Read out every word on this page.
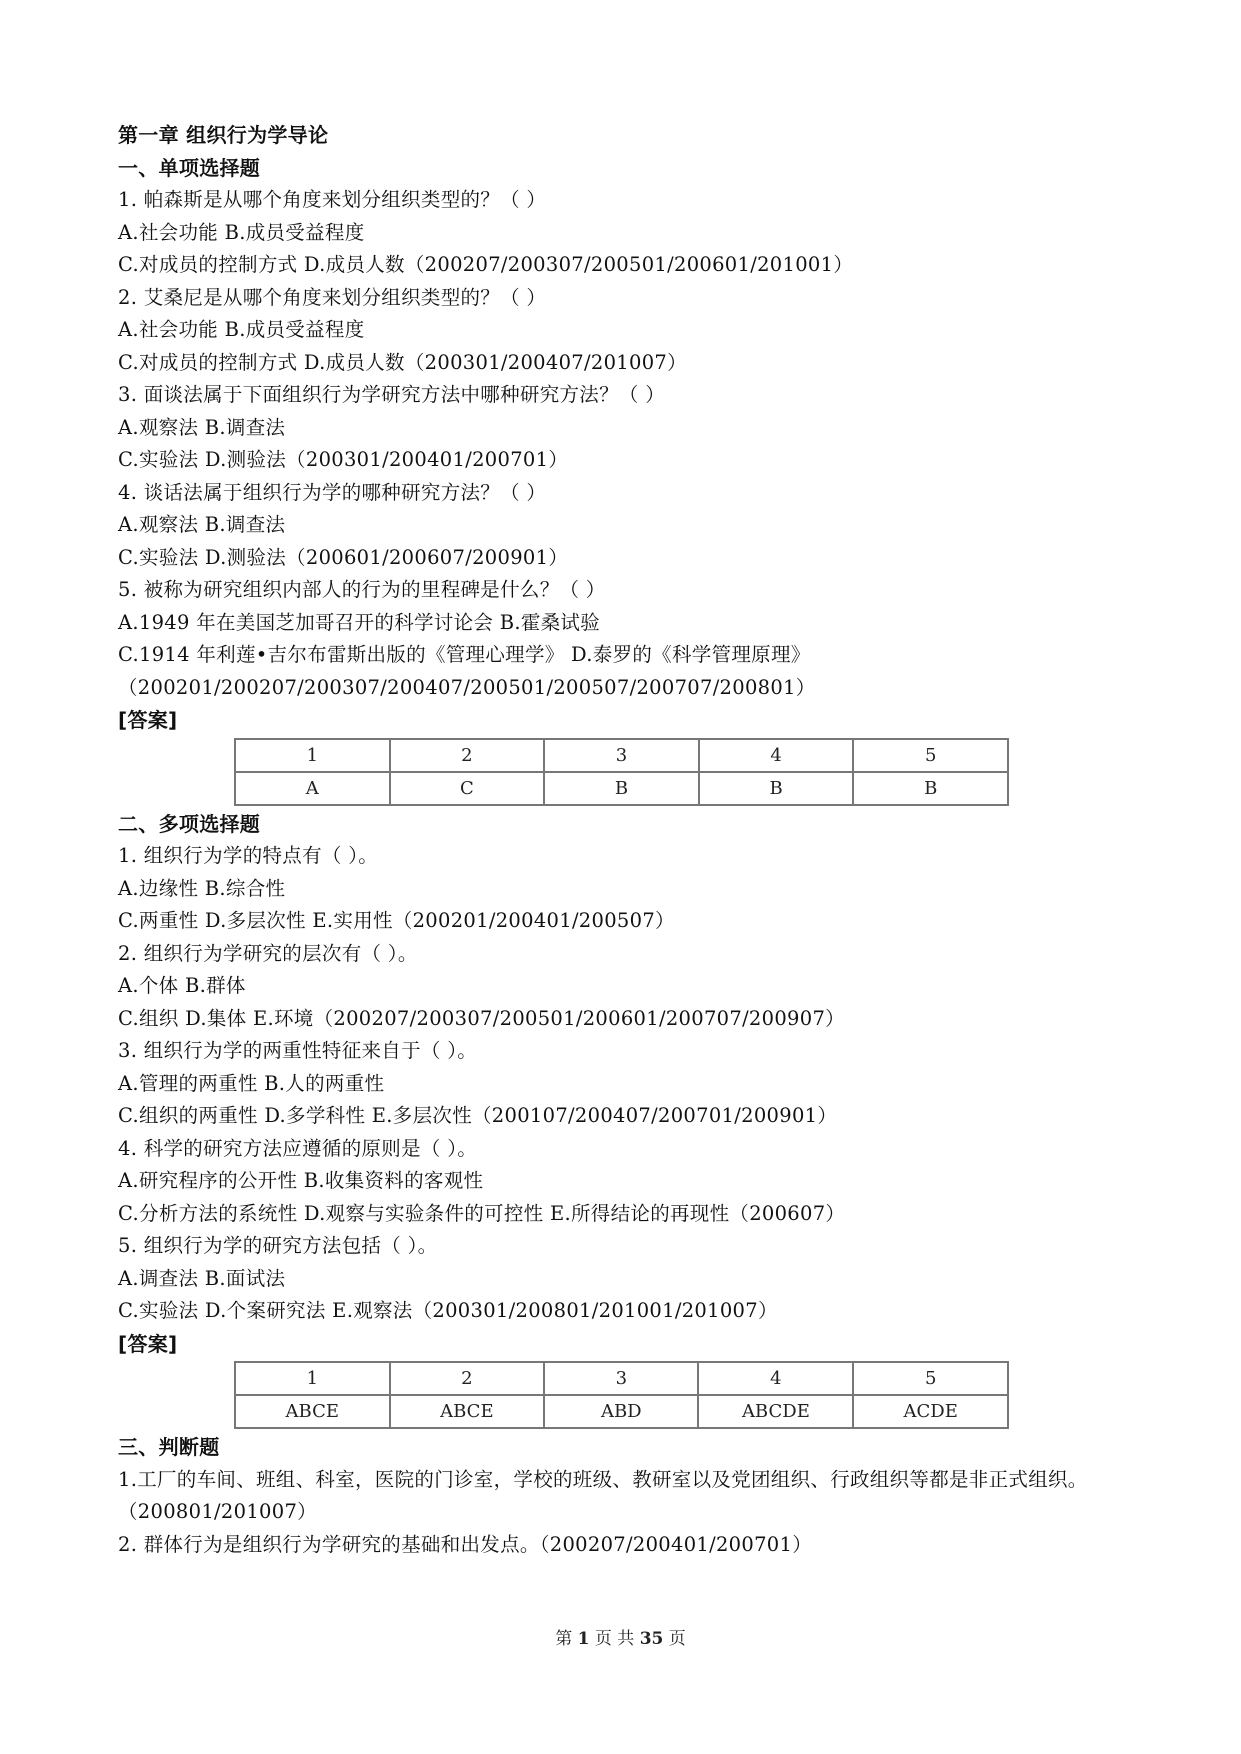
第一章 组织行为学导论
一、单项选择题
1. 帕森斯是从哪个角度来划分组织类型的？（ ）
A.社会功能 B.成员受益程度
C.对成员的控制方式 D.成员人数（200207/200307/200501/200601/201001）
2. 艾桑尼是从哪个角度来划分组织类型的？（ ）
A.社会功能 B.成员受益程度
C.对成员的控制方式 D.成员人数（200301/200407/201007）
3. 面谈法属于下面组织行为学研究方法中哪种研究方法？（ ）
A.观察法 B.调查法
C.实验法 D.测验法（200301/200401/200701）
4. 谈话法属于组织行为学的哪种研究方法？（ ）
A.观察法 B.调查法
C.实验法 D.测验法（200601/200607/200901）
5. 被称为研究组织内部人的行为的里程碑是什么？（ ）
A.1949 年在美国芝加哥召开的科学讨论会 B.霍桑试验
C.1914 年利莲•吉尔布雷斯出版的《管理心理学》 D.泰罗的《科学管理原理》
（200201/200207/200307/200407/200501/200507/200707/200801）
[答案]
1	2	3	4	5
A	C	B	B	B
二、多项选择题
1. 组织行为学的特点有（ ）。
A.边缘性 B.综合性
C.两重性 D.多层次性 E.实用性（200201/200401/200507）
2. 组织行为学研究的层次有（ ）。
A.个体 B.群体
C.组织 D.集体 E.环境（200207/200307/200501/200601/200707/200907）
3. 组织行为学的两重性特征来自于（ ）。
A.管理的两重性 B.人的两重性
C.组织的两重性 D.多学科性 E.多层次性（200107/200407/200701/200901）
4. 科学的研究方法应遵循的原则是（ ）。
A.研究程序的公开性 B.收集资料的客观性
C.分析方法的系统性 D.观察与实验条件的可控性 E.所得结论的再现性（200607）
5. 组织行为学的研究方法包括（ ）。
A.调查法 B.面试法
C.实验法 D.个案研究法 E.观察法（200301/200801/201001/201007）
[答案]
1	2	3	4	5
ABCE	ABCE	ABD	ABCDE	ACDE
三、判断题
1.工厂的车间、班组、科室，医院的门诊室，学校的班级、教研室以及党团组织、行政组织等都是非正式组织。（200801/201007）
2. 群体行为是组织行为学研究的基础和出发点。（200207/200401/200701）
第 1 页 共 35 页
